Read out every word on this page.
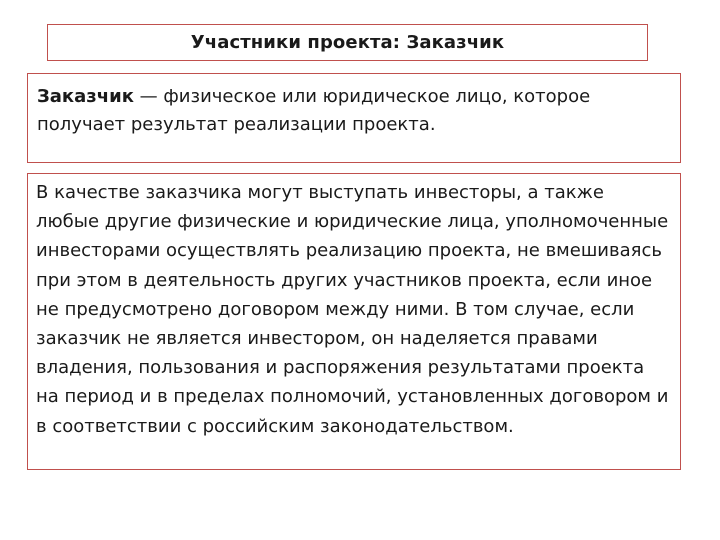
Участники проекта: Заказчик
Заказчик — физическое или юридическое лицо, которое получает результат реализации проекта.

В качестве заказчика могут выступать инвесторы, а также любые другие физические и юридические лица, уполномоченные инвесторами осуществлять реализацию проекта, не вмешиваясь при этом в деятельность других участников проекта, если иное не предусмотрено договором между ними. В том случае, если заказчик не является инвестором, он наделяется правами владения, пользования и распоряжения результатами проекта на период и в пределах полномочий, установленных договором и в соответствии с российским законодательством.
